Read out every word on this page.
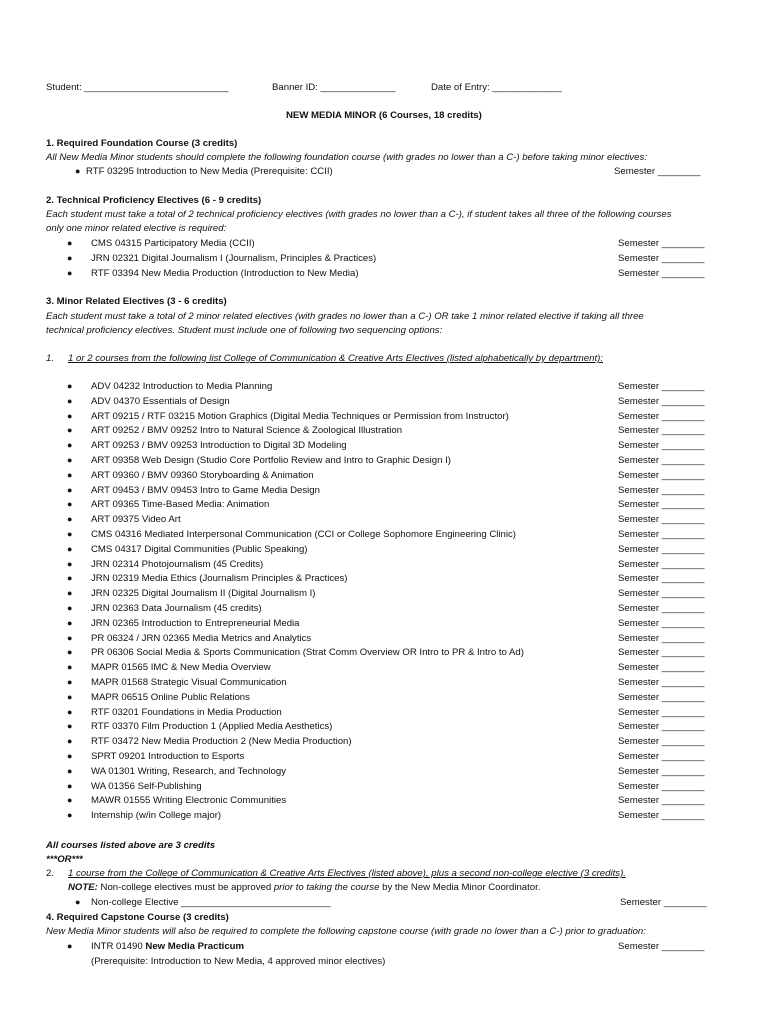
Student: ___________________________	Banner ID: ______________	Date of Entry: _____________
NEW MEDIA MINOR (6 Courses, 18 credits)
1. Required Foundation Course (3 credits)
All New Media Minor students should complete the following foundation course (with grades no lower than a C-) before taking minor electives:
● RTF 03295 Introduction to New Media (Prerequisite: CCII)	Semester ________
2. Technical Proficiency Electives (6 - 9 credits)
Each student must take a total of 2 technical proficiency electives (with grades no lower than a C-), if student takes all three of the following courses
only one minor related elective is required:
● CMS 04315 Participatory Media (CCII)	Semester ________
● JRN 02321 Digital Journalism I (Journalism, Principles & Practices)	Semester ________
● RTF 03394 New Media Production (Introduction to New Media)	Semester ________
3. Minor Related Electives (3 - 6 credits)
Each student must take a total of 2 minor related electives (with grades no lower than a C-) OR take 1 minor related elective if taking all three
technical proficiency electives. Student must include one of following two sequencing options:
1. 1 or 2 courses from the following list College of Communication & Creative Arts Electives (listed alphabetically by department):
● ADV 04232 Introduction to Media Planning	Semester ________
● ADV 04370 Essentials of Design	Semester ________
● ART 09215 / RTF 03215 Motion Graphics (Digital Media Techniques or Permission from Instructor)	Semester ________
● ART 09252 / BMV 09252 Intro to Natural Science & Zoological Illustration	Semester ________
● ART 09253 / BMV 09253 Introduction to Digital 3D Modeling	Semester ________
● ART 09358 Web Design (Studio Core Portfolio Review and Intro to Graphic Design I)	Semester ________
● ART 09360 / BMV 09360 Storyboarding & Animation	Semester ________
● ART 09453 / BMV 09453 Intro to Game Media Design	Semester ________
● ART 09365 Time-Based Media: Animation	Semester ________
● ART 09375 Video Art	Semester ________
● CMS 04316 Mediated Interpersonal Communication (CCI or College Sophomore Engineering Clinic)	Semester ________
● CMS 04317 Digital Communities (Public Speaking)	Semester ________
● JRN 02314 Photojournalism (45 Credits)	Semester ________
● JRN 02319 Media Ethics (Journalism Principles & Practices)	Semester ________
● JRN 02325 Digital Journalism II (Digital Journalism I)	Semester ________
● JRN 02363 Data Journalism (45 credits)	Semester ________
● JRN 02365 Introduction to Entrepreneurial Media	Semester ________
● PR 06324 / JRN 02365 Media Metrics and Analytics	Semester ________
● PR 06306 Social Media & Sports Communication (Strat Comm Overview OR Intro to PR & Intro to Ad)	Semester ________
● MAPR 01565 IMC & New Media Overview	Semester ________
● MAPR 01568 Strategic Visual Communication	Semester ________
● MAPR 06515 Online Public Relations	Semester ________
● RTF 03201 Foundations in Media Production	Semester ________
● RTF 03370 Film Production 1 (Applied Media Aesthetics)	Semester ________
● RTF 03472 New Media Production 2 (New Media Production)	Semester ________
● SPRT 09201 Introduction to Esports	Semester ________
● WA 01301 Writing, Research, and Technology	Semester ________
● WA 01356 Self-Publishing	Semester ________
● MAWR 01555 Writing Electronic Communities	Semester ________
● Internship (w/in College major)	Semester ________
All courses listed above are 3 credits
***OR***
2. 1 course from the College of Communication & Creative Arts Electives (listed above), plus a second non-college elective (3 credits).
NOTE: Non-college electives must be approved prior to taking the course by the New Media Minor Coordinator.
● Non-college Elective ____________________________	Semester ________
4. Required Capstone Course (3 credits)
New Media Minor students will also be required to complete the following capstone course (with grade no lower than a C-) prior to graduation:
● INTR 01490 New Media Practicum	Semester ________
(Prerequisite: Introduction to New Media, 4 approved minor electives)
